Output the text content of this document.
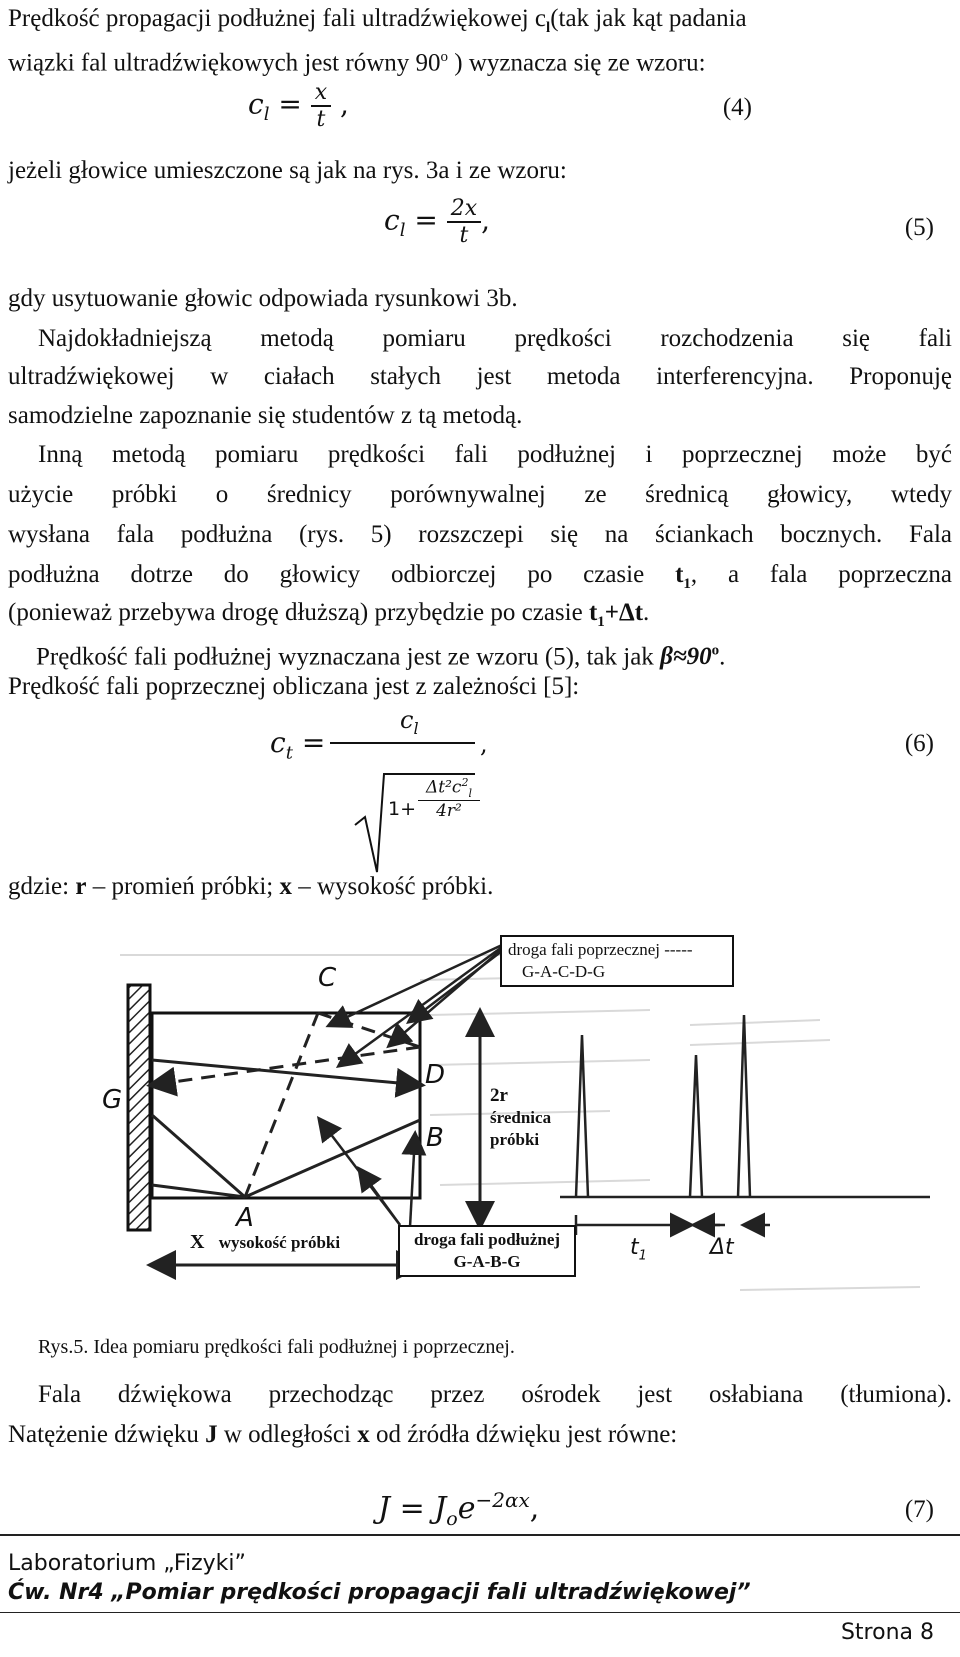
Prędkość propagacji podłużnej fali ultradźwiękowej $c_l(tak$ jak kąt padania
wiązki fal ultradźwiękowych jest równy 90$^o$ ) wyznacza się ze wzoru:
$c_l = \frac{x}{t}$ ,	(4)
jeżeli głowice umieszczone są jak na rys. 3a i ze wzoru:
$c_l = \frac{2x}{t}$ ,	(5)
gdy usytuowanie głowic odpowiada rysunkowi 3b.
Najdokładniejszą metodą pomiaru prędkości rozchodzenia się fali
ultradźwiękowej w ciałach stałych jest metoda interferencyjna. Proponuję
samodzielne zapoznanie się studentów z tą metodą.
Inną metodą pomiaru prędkości fali podłużnej i poprzecznej może być
użycie próbki o średnicy porównywalnej ze średnicą głowicy, wtedy
wysłana fala podłużna (rys. 5) rozszczepi się na ściankach bocznych. Fala
podłużna dotrze do głowicy odbiorczej po czasie $t_1$, a fala poprzeczna
(ponieważ przebywa drogę dłuższą) przybędzie po czasie $t_1+\Delta t$.
Prędkość fali podłużnej wyznaczana jest ze wzoru (5), tak jak $\beta\approx 90^o$.
Prędkość fali poprzecznej obliczana jest z zależności [5]:
$c_t$ =
$c_l$
,
1+
$\Delta t^2c^2_l$
4r²
(6)
gdzie: r – promień próbki; x – wysokość próbki.
droga fali poprzecznej -----
G-A-C-D-G
droga fali podłużnej
G-A-B-G
C
D
B
A
G	2r
średnica
próbki
X wysokość próbki	$t_1$	Δt
Rys.5. Idea pomiaru prędkości fali podłużnej i poprzecznej.
Fala dźwiękowa przechodząc przez ośrodek jest osłabiana (tłumiona).
Natężenie dźwięku J w odległości x od źródła dźwięku jest równe:
$J = J_oe^{-2\alpha x}$,	(7)
Laboratorium „Fizyki”
Ćw. Nr4 „Pomiar prędkości propagacji fali ultradźwiękowej”
Strona 8
